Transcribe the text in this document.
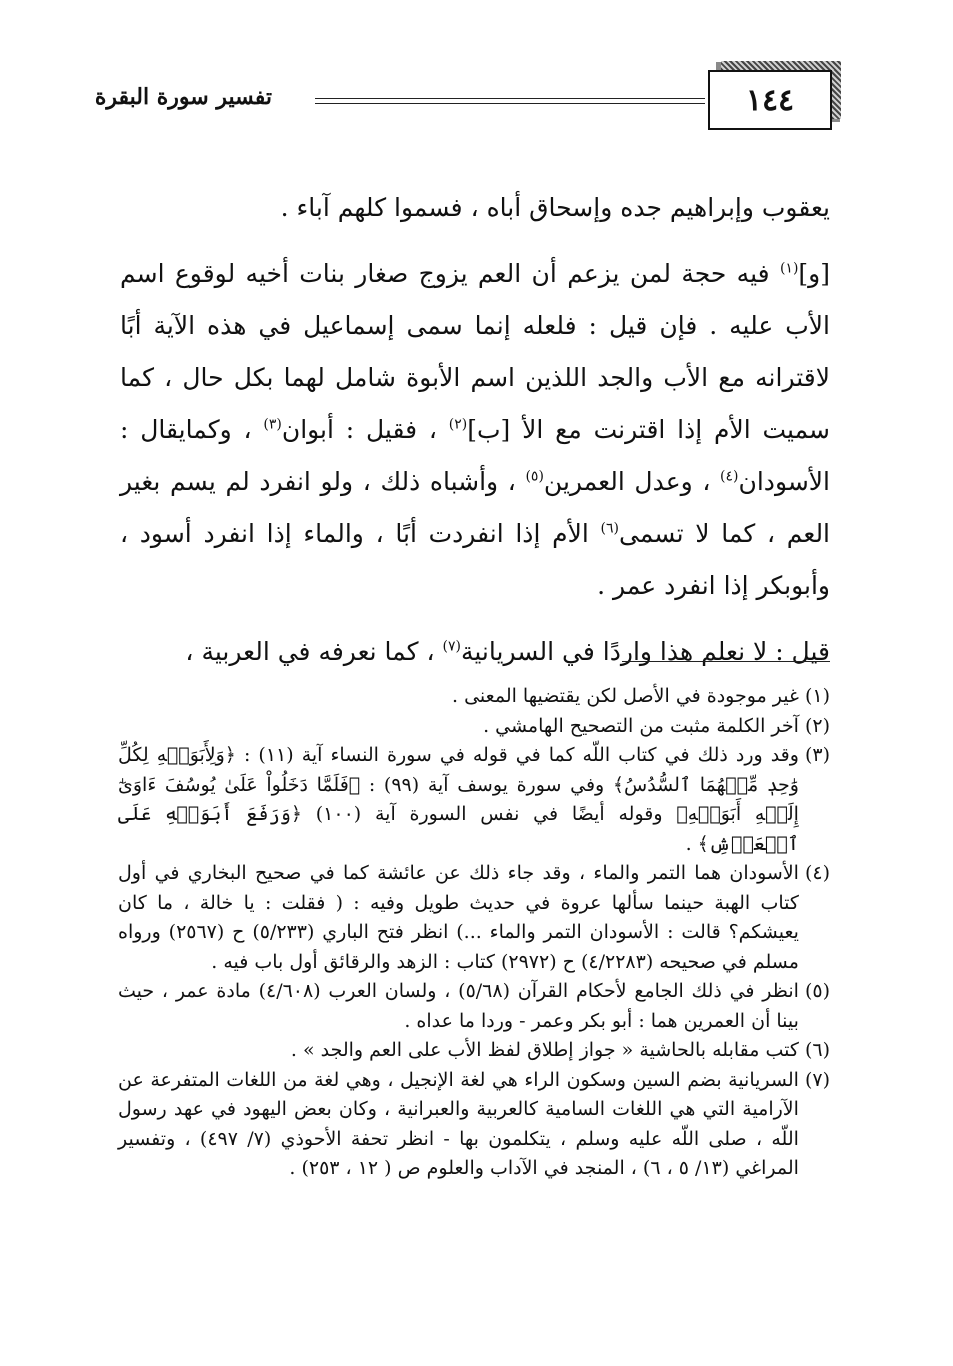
١٤٤
تفسير سورة البقرة

يعقوب وإبراهيم جده وإسحاق أباه ، فسموا كلهم آباء .

[و]$^{(١)}$ فيه حجة لمن يزعم أن العم يزوج صغار بنات أخيه لوقوع اسم الأب عليه . فإن قيل : فلعله إنما سمى إسماعيل في هذه الآية أبًا لاقترانه مع الأب والجد اللذين اسم الأبوة شامل لهما بكل حال ، كما سميت الأم إذا اقترنت مع الأ [ب]$^{(٢)}$ ، فقيل : أبوان$^{(٣)}$ ، وكمايقال : الأسودان$^{(٤)}$ ، وعدل العمرين$^{(٥)}$ ، وأشباه ذلك ، ولو انفرد لم يسم بغير العم ، كما لا تسمى$^{(٦)}$ الأم إذا انفردت أبًا ، والماء إذا انفرد أسود ، وأبوبكر إذا انفرد عمر .

قيل : لا نعلم هذا واردًا في السريانية$^{(٧)}$ ، كما نعرفه في العربية ،

(١)
غير موجودة في الأصل لكن يقتضيها المعنى .
(٢)
آخر الكلمة مثبت من التصحيح الهامشي .
(٣)
وقد ورد ذلك في كتاب اللّه كما في قوله في سورة النساء آية (١١) : ﴿وَلِأَبَوَيۡهِ لِكُلِّ وَٰحِدٖ مِّنۡهُمَا ٱلسُّدُسُ﴾ وفي سورة يوسف آية (٩٩) : ﴿فَلَمَّا دَخَلُواْ عَلَىٰ يُوسُفَ ءَاوَىٰٓ إِلَيۡهِ أَبَوَيۡهِ﴾ وقوله أيضًا في نفس السورة آية (١٠٠) ﴿وَرَفَعَ أَبَوَيۡهِ عَلَى ٱلۡعَرۡشِ﴾ .
(٤)
الأسودان هما التمر والماء ، وقد جاء ذلك عن عائشة كما في صحيح البخاري في أول كتاب الهبة حينما سألها عروة في حديث طويل وفيه : ( فقلت : يا خالة ، ما كان يعيشكم؟ قالت : الأسودان التمر والماء ...) انظر فتح الباري (٥/٢٣٣) ح (٢٥٦٧) ورواه مسلم في صحيحه (٤/٢٢٨٣) ح (٢٩٧٢) كتاب : الزهد والرقائق أول باب فيه .
(٥)
انظر في ذلك الجامع لأحكام القرآن (٥/٦٨) ، ولسان العرب (٤/٦٠٨) مادة عمر ، حيث بينا أن العمرين هما : أبو بكر وعمر - وردا ما عداه .
(٦)
كتب مقابله بالحاشية « جواز إطلاق لفظ الأب على العم والجد » .
(٧)
السريانية بضم السين وسكون الراء هي لغة الإنجيل ، وهي لغة من اللغات المتفرعة عن الآرامية التي هي اللغات السامية كالعربية والعبرانية ، وكان بعض اليهود في عهد رسول اللّه ، صلى اللّه عليه وسلم ، يتكلمون بها - انظر تحفة الأحوذي (٧/ ٤٩٧) ، وتفسير المراغي (١٣/ ٥ ، ٦) ، المنجد في الآداب والعلوم ص ( ١٢ ، ٢٥٣) .
